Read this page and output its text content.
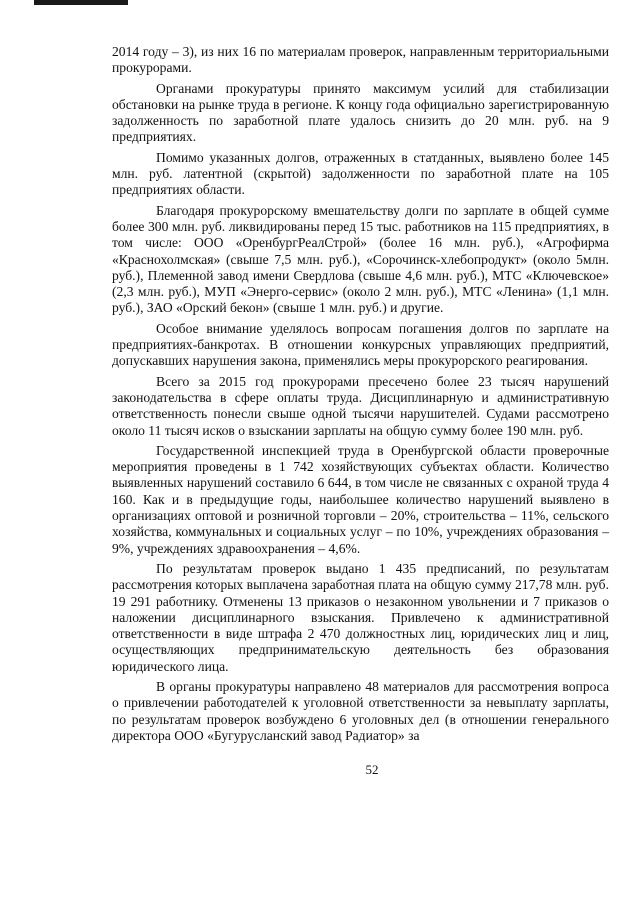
2014 году – 3), из них 16 по материалам проверок, направленным территориальными прокурорами.

Органами прокуратуры принято максимум усилий для стабилизации обстановки на рынке труда в регионе. К концу года официально зарегистрированную задолженность по заработной плате удалось снизить до 20 млн. руб. на 9 предприятиях.

Помимо указанных долгов, отраженных в статданных, выявлено более 145 млн. руб. латентной (скрытой) задолженности по заработной плате на 105 предприятиях области.

Благодаря прокурорскому вмешательству долги по зарплате в общей сумме более 300 млн. руб. ликвидированы перед 15 тыс. работников на 115 предприятиях, в том числе: ООО «ОренбургРеалСтрой» (более 16 млн. руб.), «Агрофирма «Краснохолмская» (свыше 7,5 млн. руб.), «Сорочинск-хлебопродукт» (около 5млн. руб.), Племенной завод имени Свердлова (свыше 4,6 млн. руб.), МТС «Ключевское» (2,3 млн. руб.), МУП «Энерго-сервис» (около 2 млн. руб.), МТС «Ленина» (1,1 млн. руб.), ЗАО «Орский бекон» (свыше 1 млн. руб.) и другие.

Особое внимание уделялось вопросам погашения долгов по зарплате на предприятиях-банкротах. В отношении конкурсных управляющих предприятий, допускавших нарушения закона, применялись меры прокурорского реагирования.

Всего за 2015 год прокурорами пресечено более 23 тысяч нарушений законодательства в сфере оплаты труда. Дисциплинарную и административную ответственность понесли свыше одной тысячи нарушителей. Судами рассмотрено около 11 тысяч исков о взыскании зарплаты на общую сумму более 190 млн. руб.

Государственной инспекцией труда в Оренбургской области проверочные мероприятия проведены в 1 742 хозяйствующих субъектах области. Количество выявленных нарушений составило 6 644, в том числе не связанных с охраной труда 4 160. Как и в предыдущие годы, наибольшее количество нарушений выявлено в организациях оптовой и розничной торговли – 20%, строительства – 11%, сельского хозяйства, коммунальных и социальных услуг – по 10%, учреждениях образования – 9%, учреждениях здравоохранения – 4,6%.

По результатам проверок выдано 1 435 предписаний, по результатам рассмотрения которых выплачена заработная плата на общую сумму 217,78 млн. руб. 19 291 работнику. Отменены 13 приказов о незаконном увольнении и 7 приказов о наложении дисциплинарного взыскания. Привлечено к административной ответственности в виде штрафа 2 470 должностных лиц, юридических лиц и лиц, осуществляющих предпринимательскую деятельность без образования юридического лица.

В органы прокуратуры направлено 48 материалов для рассмотрения вопроса о привлечении работодателей к уголовной ответственности за невыплату зарплаты, по результатам проверок возбуждено 6 уголовных дел (в отношении генерального директора ООО «Бугурусланский завод Радиатор» за

52
